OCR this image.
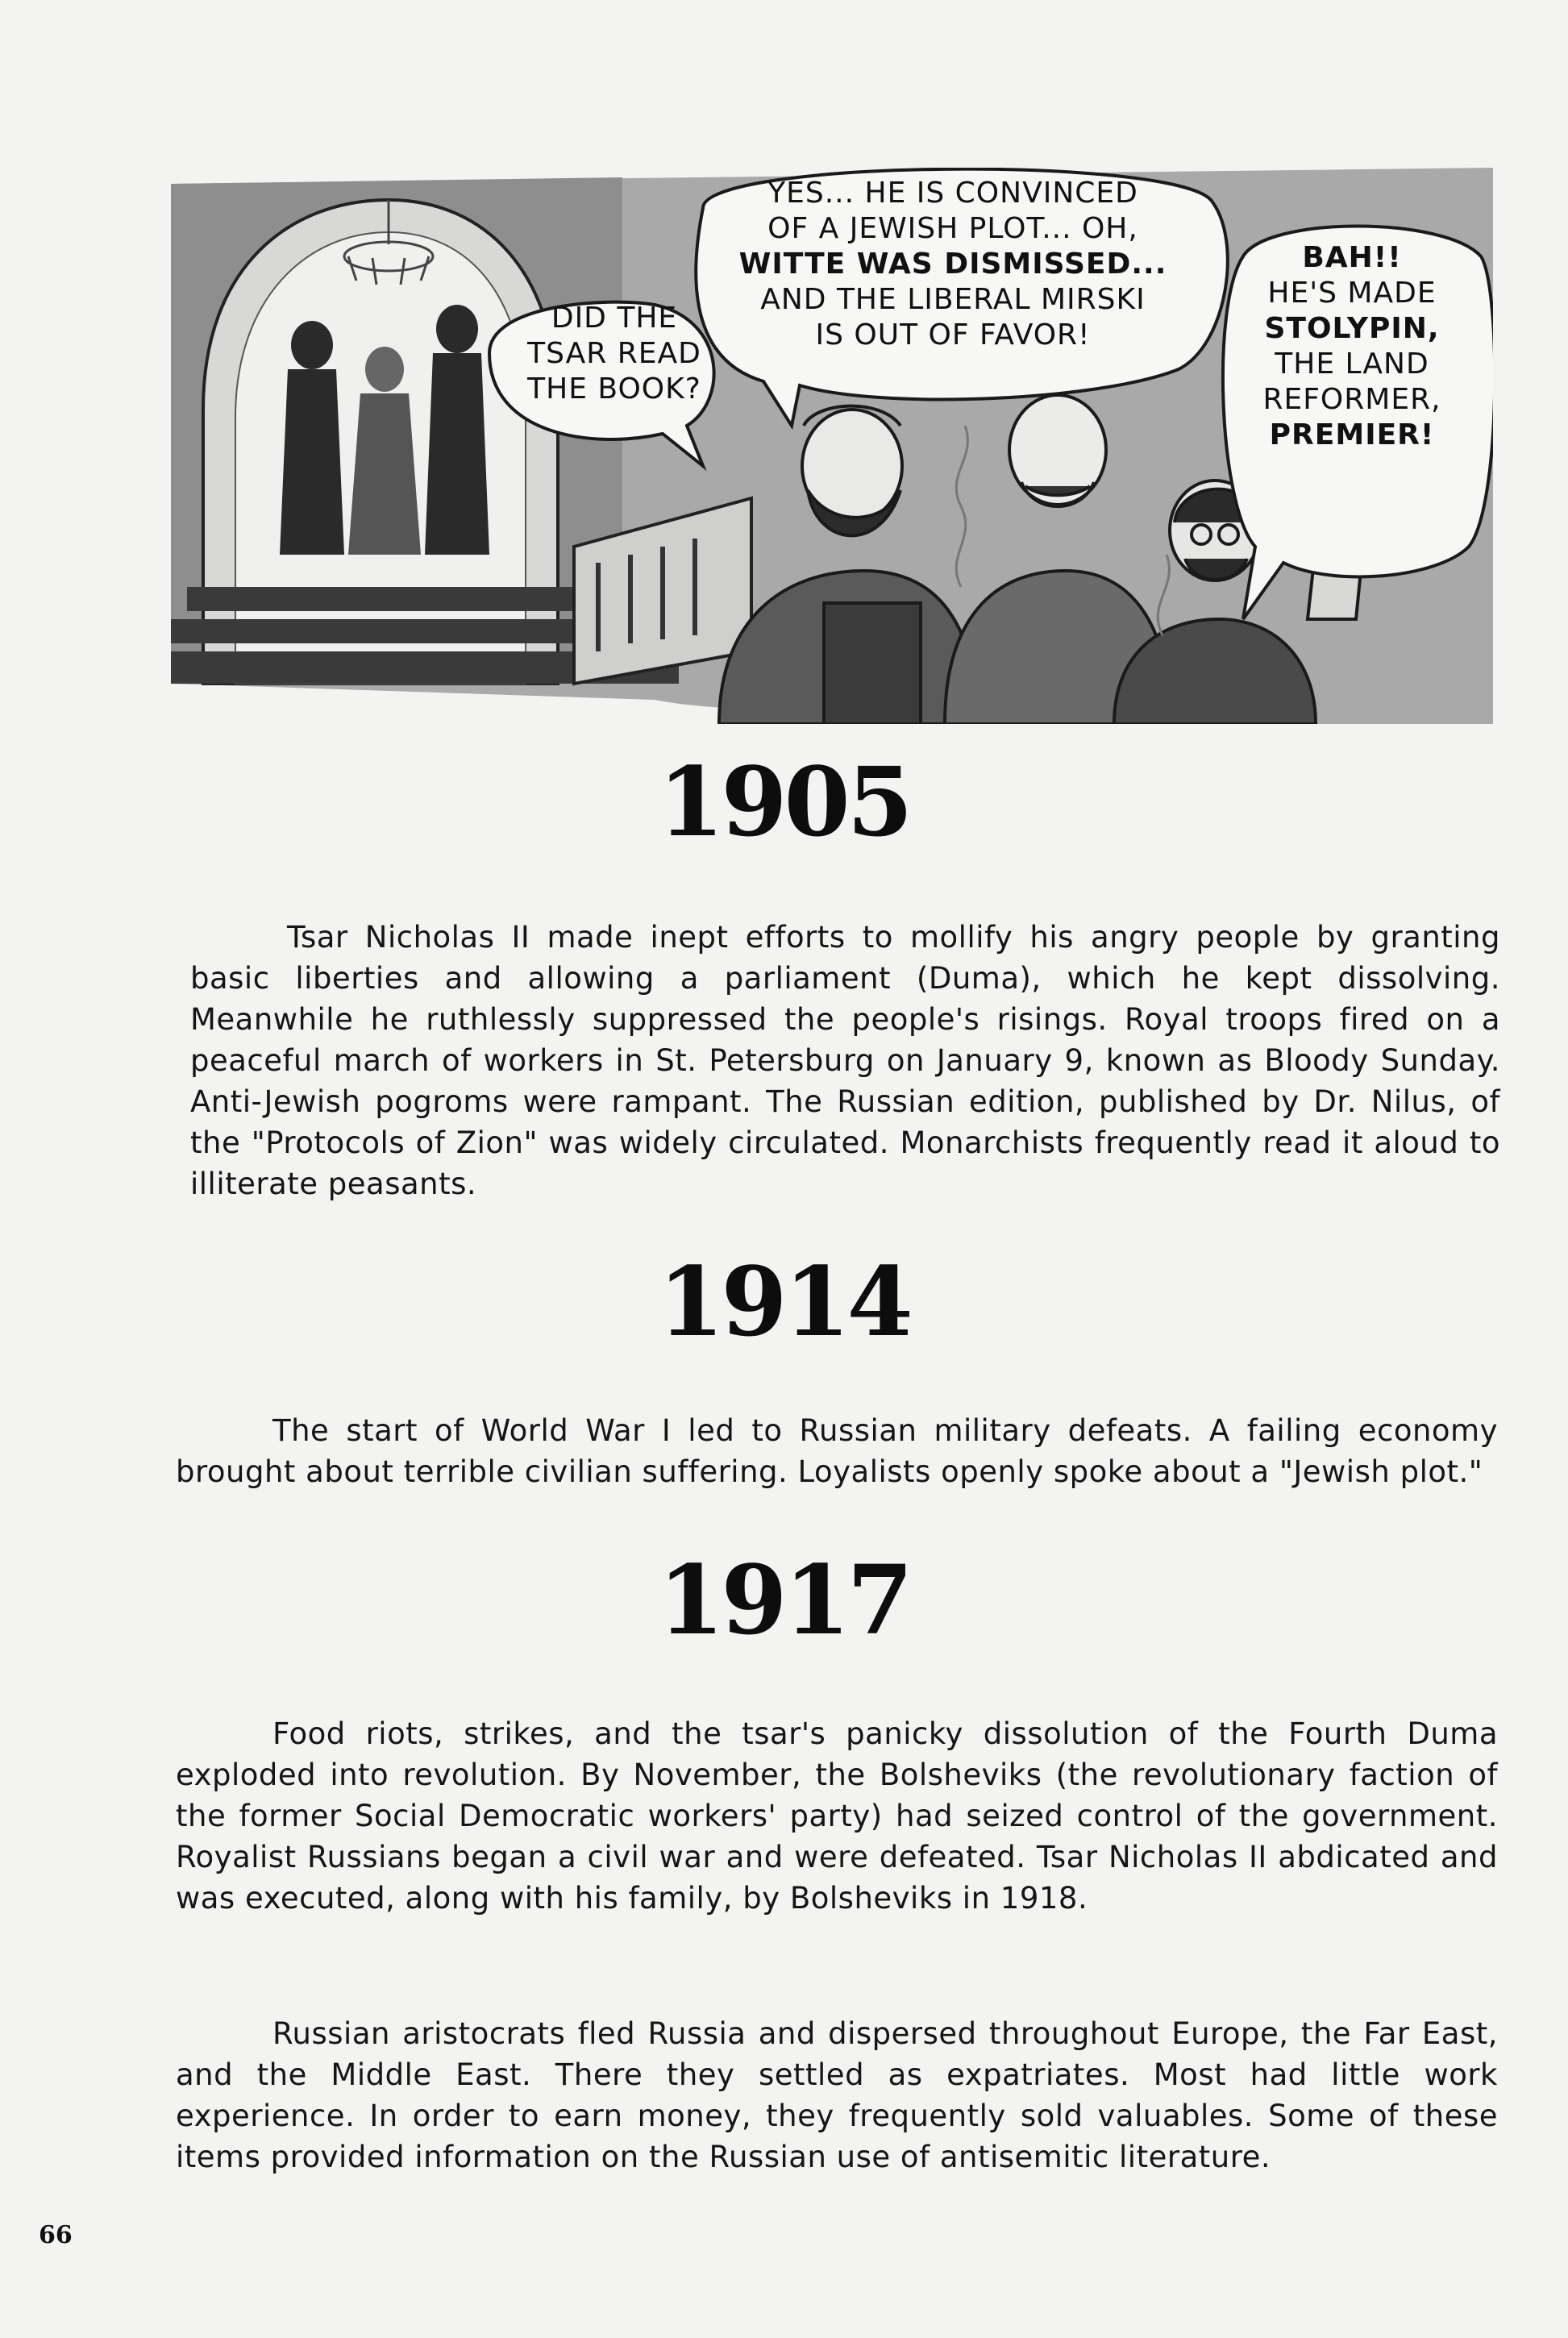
DID THE
TSAR READ
THE BOOK?
YES... HE IS CONVINCED
OF A JEWISH PLOT... OH,
WITTE WAS DISMISSED...
AND THE LIBERAL MIRSKI
IS OUT OF FAVOR!
BAH!!
HE'S MADE
STOLYPIN,
THE LAND
REFORMER,
PREMIER!
1905

Tsar Nicholas II made inept efforts to mollify his angry people by granting basic liberties and allowing a parliament (Duma), which he kept dissolving. Meanwhile he ruthlessly suppressed the people's risings. Royal troops fired on a peaceful march of workers in St. Petersburg on January 9, known as Bloody Sunday. Anti-Jewish pogroms were rampant. The Russian edition, published by Dr. Nilus, of the "Protocols of Zion" was widely circulated. Monarchists frequently read it aloud to illiterate peasants.

1914

The start of World War I led to Russian military defeats. A failing economy brought about terrible civilian suffering. Loyalists openly spoke about a "Jewish plot."

1917

Food riots, strikes, and the tsar's panicky dissolution of the Fourth Duma exploded into revolution. By November, the Bolsheviks (the revolutionary faction of the former Social Democratic workers' party) had seized control of the government. Royalist Russians began a civil war and were defeated. Tsar Nicholas II abdicated and was executed, along with his family, by Bolsheviks in 1918.

Russian aristocrats fled Russia and dispersed throughout Europe, the Far East, and the Middle East. There they settled as expatriates. Most had little work experience. In order to earn money, they frequently sold valuables. Some of these items provided information on the Russian use of antisemitic literature.

66
